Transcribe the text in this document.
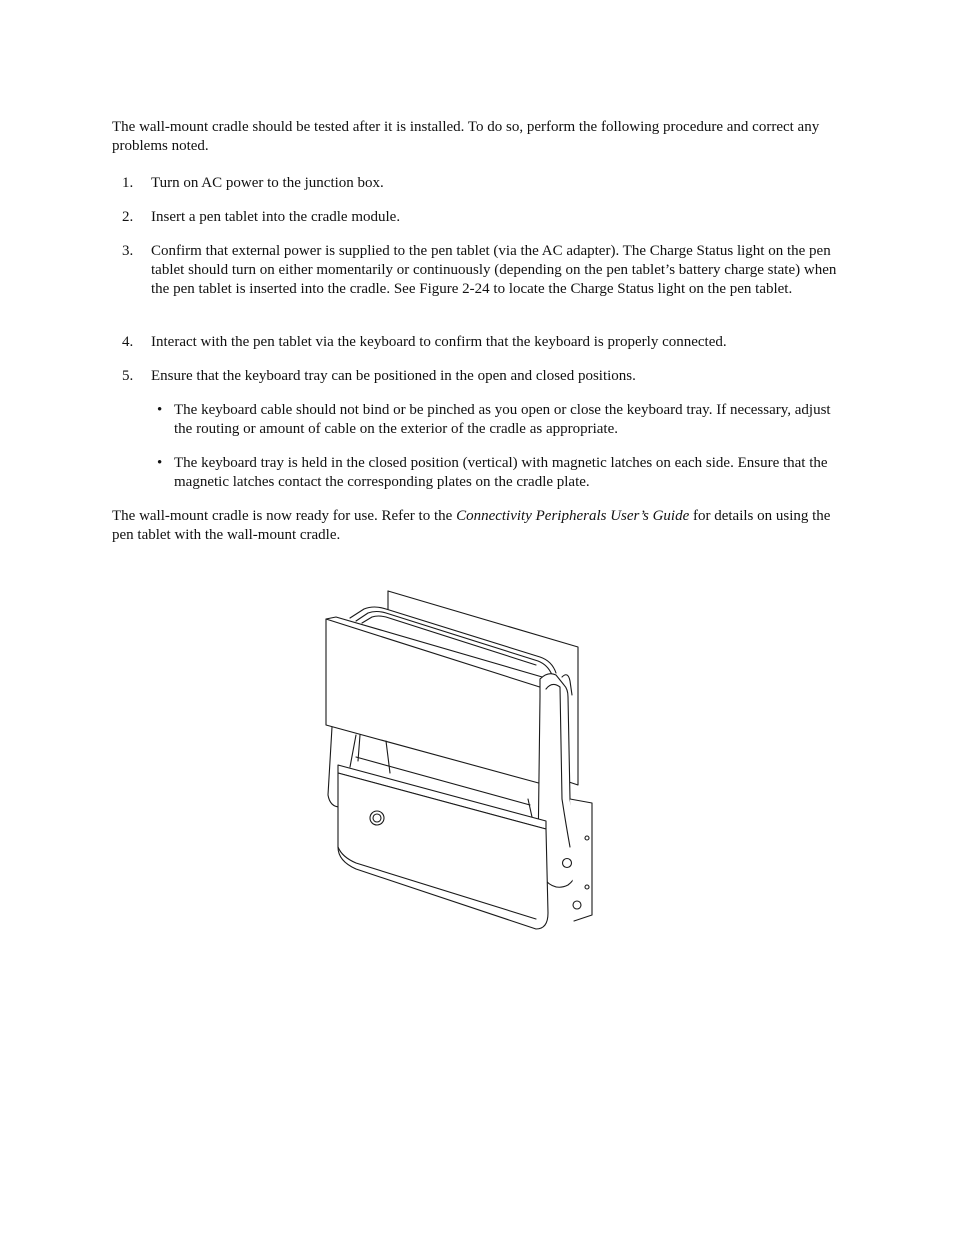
The wall-mount cradle should be tested after it is installed. To do so, perform the following procedure and correct any problems noted.

1. Turn on AC power to the junction box.
2. Insert a pen tablet into the cradle module.
3. Confirm that external power is supplied to the pen tablet (via the AC adapter). The Charge Status light on the pen tablet should turn on either momentarily or continuously (depending on the pen tablet’s battery charge state) when the pen tablet is inserted into the cradle. See Figure 2-24 to locate the Charge Status light on the pen tablet.
4. Interact with the pen tablet via the keyboard to confirm that the keyboard is properly connected.
5. Ensure that the keyboard tray can be positioned in the open and closed positions.
• The keyboard cable should not bind or be pinched as you open or close the keyboard tray. If necessary, adjust the routing or amount of cable on the exterior of the cradle as appropriate.
• The keyboard tray is held in the closed position (vertical) with magnetic latches on each side. Ensure that the magnetic latches contact the corresponding plates on the cradle plate.

The wall-mount cradle is now ready for use. Refer to the Connectivity Peripherals User’s Guide for details on using the pen tablet with the wall-mount cradle.
